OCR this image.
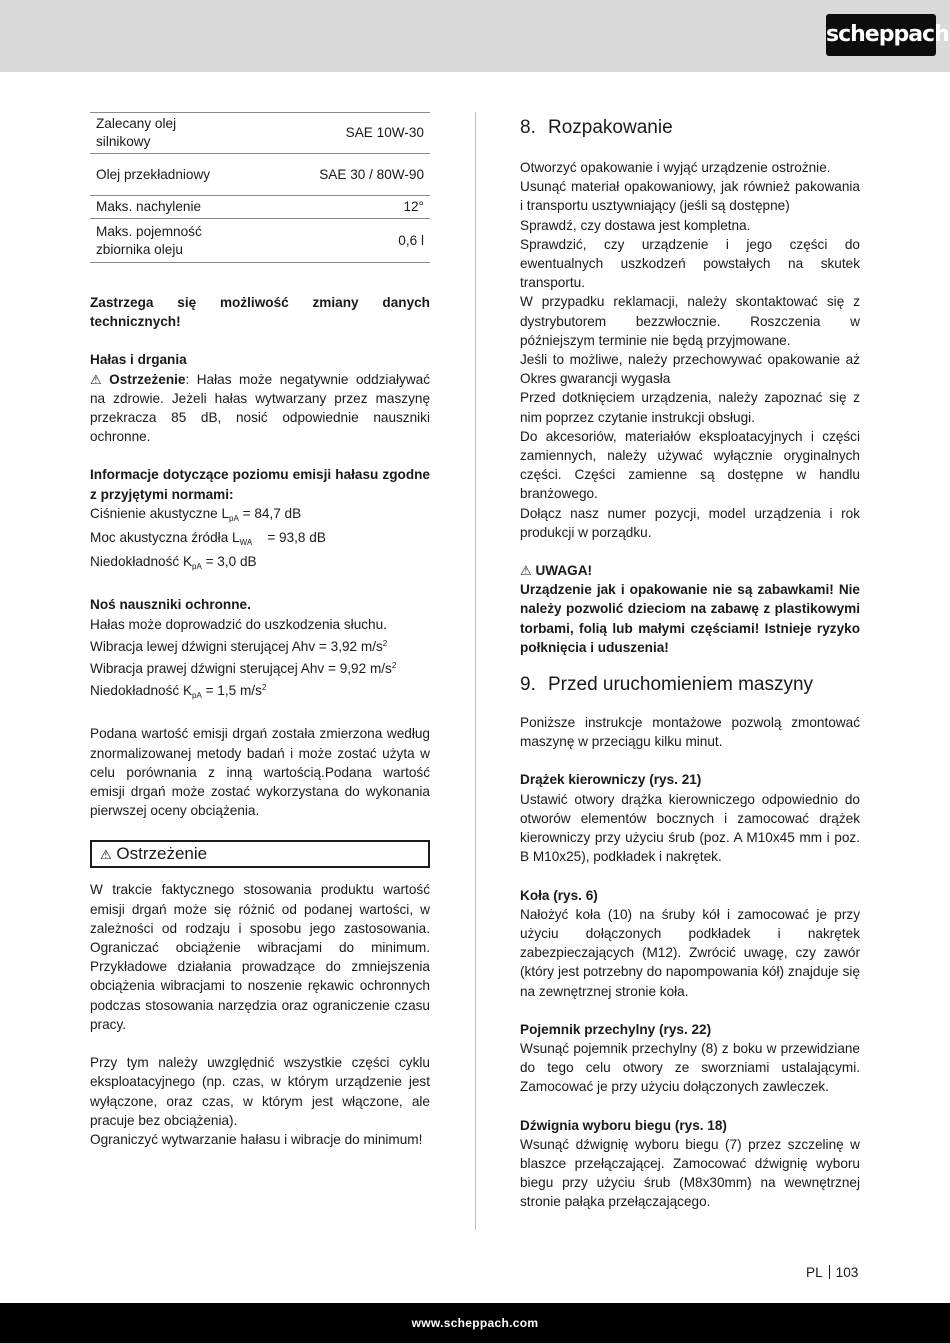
scheppach
Zalecany olej silnikowy	SAE 10W-30
Olej przekładniowy	SAE 30 / 80W-90
Maks. nachylenie	12°
Maks. pojemność zbiornika oleju	0,6 l

Zastrzega się możliwość zmiany danych technicznych!

Hałas i drgania

⚠ Ostrzeżenie: Hałas może negatywnie oddziaływać na zdrowie. Jeżeli hałas wytwarzany przez maszynę przekracza 85 dB, nosić odpowiednie nauszniki ochronne.

Informacje dotyczące poziomu emisji hałasu zgodne z przyjętymi normami:

Ciśnienie akustyczne $L_{pA} = 84,7$ dB

Moc akustyczna źródła $L_{WA} = 93,8$ dB

Niedokładność $K_{pA} = 3,0$ dB

Noś nauszniki ochronne.

Hałas może doprowadzić do uszkodzenia słuchu.

Wibracja lewej dźwigni sterującej Ahv = 3,92 $m/s^2$

Wibracja prawej dźwigni sterującej Ahv = 9,92 $m/s^2$

Niedokładność $K_{pA} = 1,5$ $m/s^2$

Podana wartość emisji drgań została zmierzona według znormalizowanej metody badań i może zostać użyta w celu porównania z inną wartością.Podana wartość emisji drgań może zostać wykorzystana do wykonania pierwszej oceny obciążenia.

⚠ Ostrzeżenie

W trakcie faktycznego stosowania produktu wartość emisji drgań może się różnić od podanej wartości, w zależności od rodzaju i sposobu jego zastosowania. Ograniczać obciążenie wibracjami do minimum. Przykładowe działania prowadzące do zmniejszenia obciążenia wibracjami to noszenie rękawic ochronnych podczas stosowania narzędzia oraz ograniczenie czasu pracy.

Przy tym należy uwzględnić wszystkie części cyklu eksploatacyjnego (np. czas, w którym urządzenie jest wyłączone, oraz czas, w którym jest włączone, ale pracuje bez obciążenia).

Ograniczyć wytwarzanie hałasu i wibracje do minimum!

8. Rozpakowanie

Otworzyć opakowanie i wyjąć urządzenie ostrożnie.

Usunąć materiał opakowaniowy, jak również pakowania i transportu usztywniający (jeśli są dostępne)

Sprawdź, czy dostawa jest kompletna.

Sprawdzić, czy urządzenie i jego części do ewentualnych uszkodzeń powstałych na skutek transportu.

W przypadku reklamacji, należy skontaktować się z dystrybutorem bezzwłocznie. Roszczenia w późniejszym terminie nie będą przyjmowane.

Jeśli to możliwe, należy przechowywać opakowanie aż Okres gwarancji wygasła

Przed dotknięciem urządzenia, należy zapoznać się z nim poprzez czytanie instrukcji obsługi.

Do akcesoriów, materiałów eksploatacyjnych i części zamiennych, należy używać wyłącznie oryginalnych części. Części zamienne są dostępne w handlu branżowego.

Dołącz nasz numer pozycji, model urządzenia i rok produkcji w porządku.

⚠ UWAGA!

Urządzenie jak i opakowanie nie są zabawkami! Nie należy pozwolić dzieciom na zabawę z plastikowymi torbami, folią lub małymi częściami! Istnieje ryzyko połknięcia i uduszenia!

9. Przed uruchomieniem maszyny

Poniższe instrukcje montażowe pozwolą zmontować maszynę w przeciągu kilku minut.

Drążek kierowniczy (rys. 21)

Ustawić otwory drążka kierowniczego odpowiednio do otworów elementów bocznych i zamocować drążek kierowniczy przy użyciu śrub (poz. A M10x45 mm i poz. B M10x25), podkładek i nakrętek.

Koła (rys. 6)

Nałożyć koła (10) na śruby kół i zamocować je przy użyciu dołączonych podkładek i nakrętek zabezpieczających (M12). Zwrócić uwagę, czy zawór (który jest potrzebny do napompowania kół) znajduje się na zewnętrznej stronie koła.

Pojemnik przechylny (rys. 22)

Wsunąć pojemnik przechylny (8) z boku w przewidziane do tego celu otwory ze sworzniami ustalającymi. Zamocować je przy użyciu dołączonych zawleczek.

Dźwignia wyboru biegu (rys. 18)

Wsunąć dźwignię wyboru biegu (7) przez szczelinę w blaszce przełączającej. Zamocować dźwignię wyboru biegu przy użyciu śrub (M8x30mm) na wewnętrznej stronie pałąka przełączającego.

PL 103
www.scheppach.com
